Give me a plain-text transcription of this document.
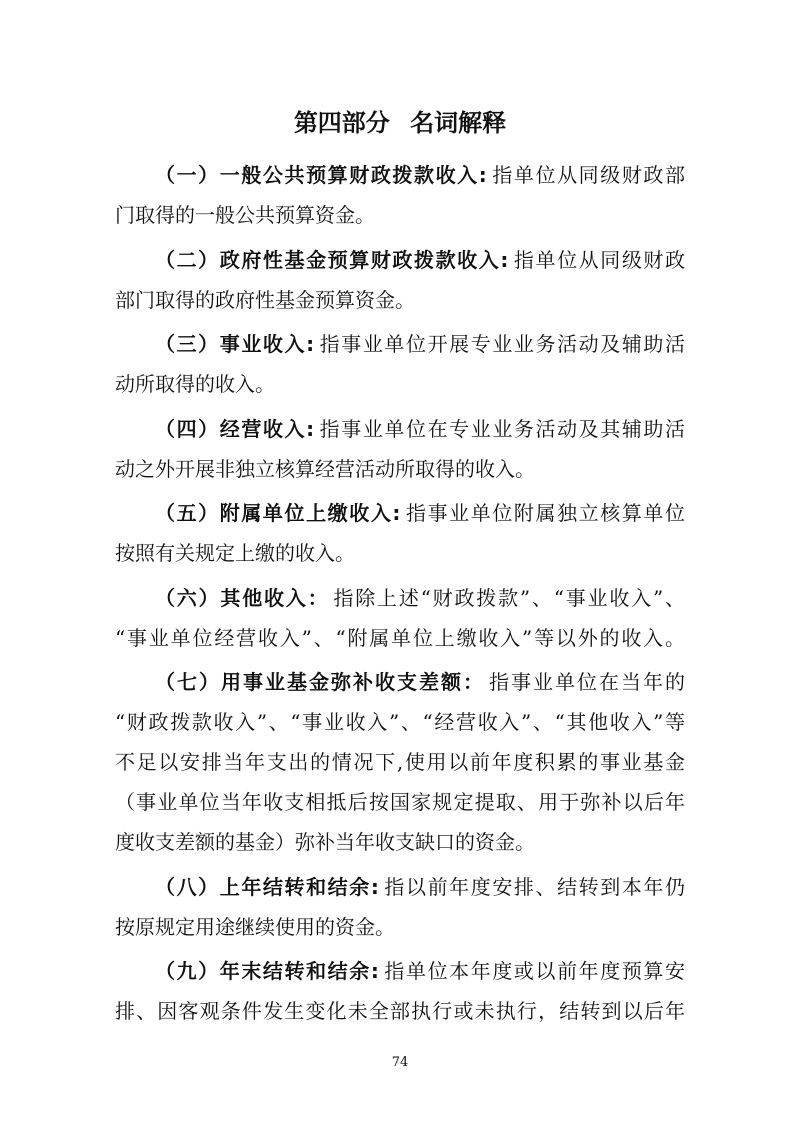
第四部分 名词解释
（一）一般公共预算财政拨款收入: 指单位从同级财政部
门取得的一般公共预算资金。
（二）政府性基金预算财政拨款收入: 指单位从同级财政
部门取得的政府性基金预算资金。
（三）事业收入: 指事业单位开展专业业务活动及辅助活
动所取得的收入。
（四）经营收入: 指事业单位在专业业务活动及其辅助活
动之外开展非独立核算经营活动所取得的收入。
（五）附属单位上缴收入: 指事业单位附属独立核算单位
按照有关规定上缴的收入。
（六）其他收入： 指除上述“财政拨款”、“事业收入”、
“事业单位经营收入”、“附属单位上缴收入”等以外的收入。
（七）用事业基金弥补收支差额： 指事业单位在当年的
“财政拨款收入”、“事业收入”、“经营收入”、“其他收入”等
不足以安排当年支出的情况下,使用以前年度积累的事业基金
（事业单位当年收支相抵后按国家规定提取、用于弥补以后年
度收支差额的基金）弥补当年收支缺口的资金。
（八）上年结转和结余: 指以前年度安排、结转到本年仍
按原规定用途继续使用的资金。
（九）年末结转和结余: 指单位本年度或以前年度预算安
排、因客观条件发生变化未全部执行或未执行，结转到以后年
74
